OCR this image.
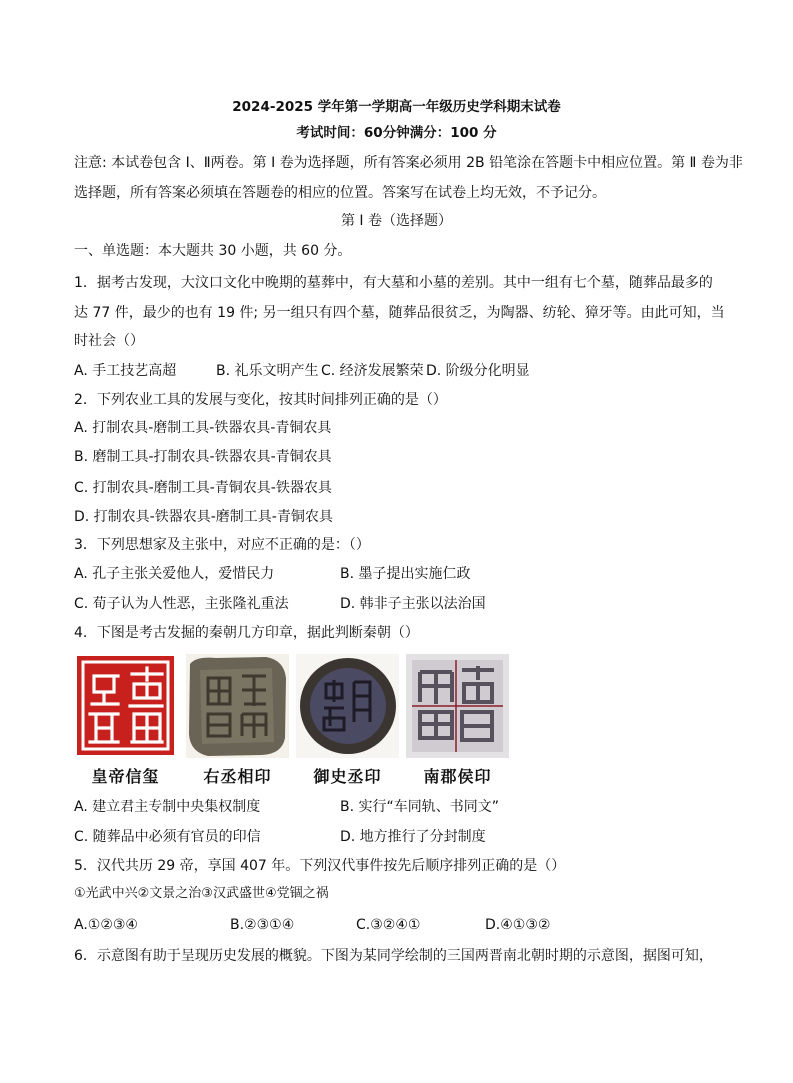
2024-2025 学年第一学期高一年级历史学科期末试卷
考试时间：60分钟满分：100 分
注意: 本试卷包含 Ⅰ、Ⅱ两卷。第 Ⅰ 卷为选择题，所有答案必须用 2B 铅笔涂在答题卡中相应位置。第 Ⅱ 卷为非
选择题，所有答案必须填在答题卷的相应的位置。答案写在试卷上均无效，不予记分。
第 Ⅰ 卷（选择题）
一、单选题：本大题共 30 小题，共 60 分。
1．据考古发现，大汶口文化中晚期的墓葬中，有大墓和小墓的差别。其中一组有七个墓，随葬品最多的
达 77 件，最少的也有 19 件; 另一组只有四个墓，随葬品很贫乏，为陶器、纺轮、獐牙等。由此可知，当
时社会（）
A. 手工技艺高超	B. 礼乐文明产生 C. 经济发展繁荣 D. 阶级分化明显
2．下列农业工具的发展与变化，按其时间排列正确的是（）
A. 打制农具-磨制工具-铁器农具-青铜农具
B. 磨制工具-打制农具-铁器农具-青铜农具
C. 打制农具-磨制工具-青铜农具-铁器农具
D. 打制农具-铁器农具-磨制工具-青铜农具
3．下列思想家及主张中，对应不正确的是：（）
A. 孔子主张关爱他人，爱惜民力	B. 墨子提出实施仁政
C. 荀子认为人性恶，主张隆礼重法	D. 韩非子主张以法治国
4．下图是考古发掘的秦朝几方印章，据此判断秦朝（）
皇帝信玺	右丞相印	御史丞印	南郡侯印
A. 建立君主专制中央集权制度	B. 实行“车同轨、书同文”
C. 随葬品中必须有官员的印信	D. 地方推行了分封制度
5．汉代共历 29 帝，享国 407 年。下列汉代事件按先后顺序排列正确的是（）
①光武中兴②文景之治③汉武盛世④党锢之祸
A.①②③④	B.②③①④	C.③②④①	D.④①③②
6．示意图有助于呈现历史发展的概貌。下图为某同学绘制的三国两晋南北朝时期的示意图，据图可知，
